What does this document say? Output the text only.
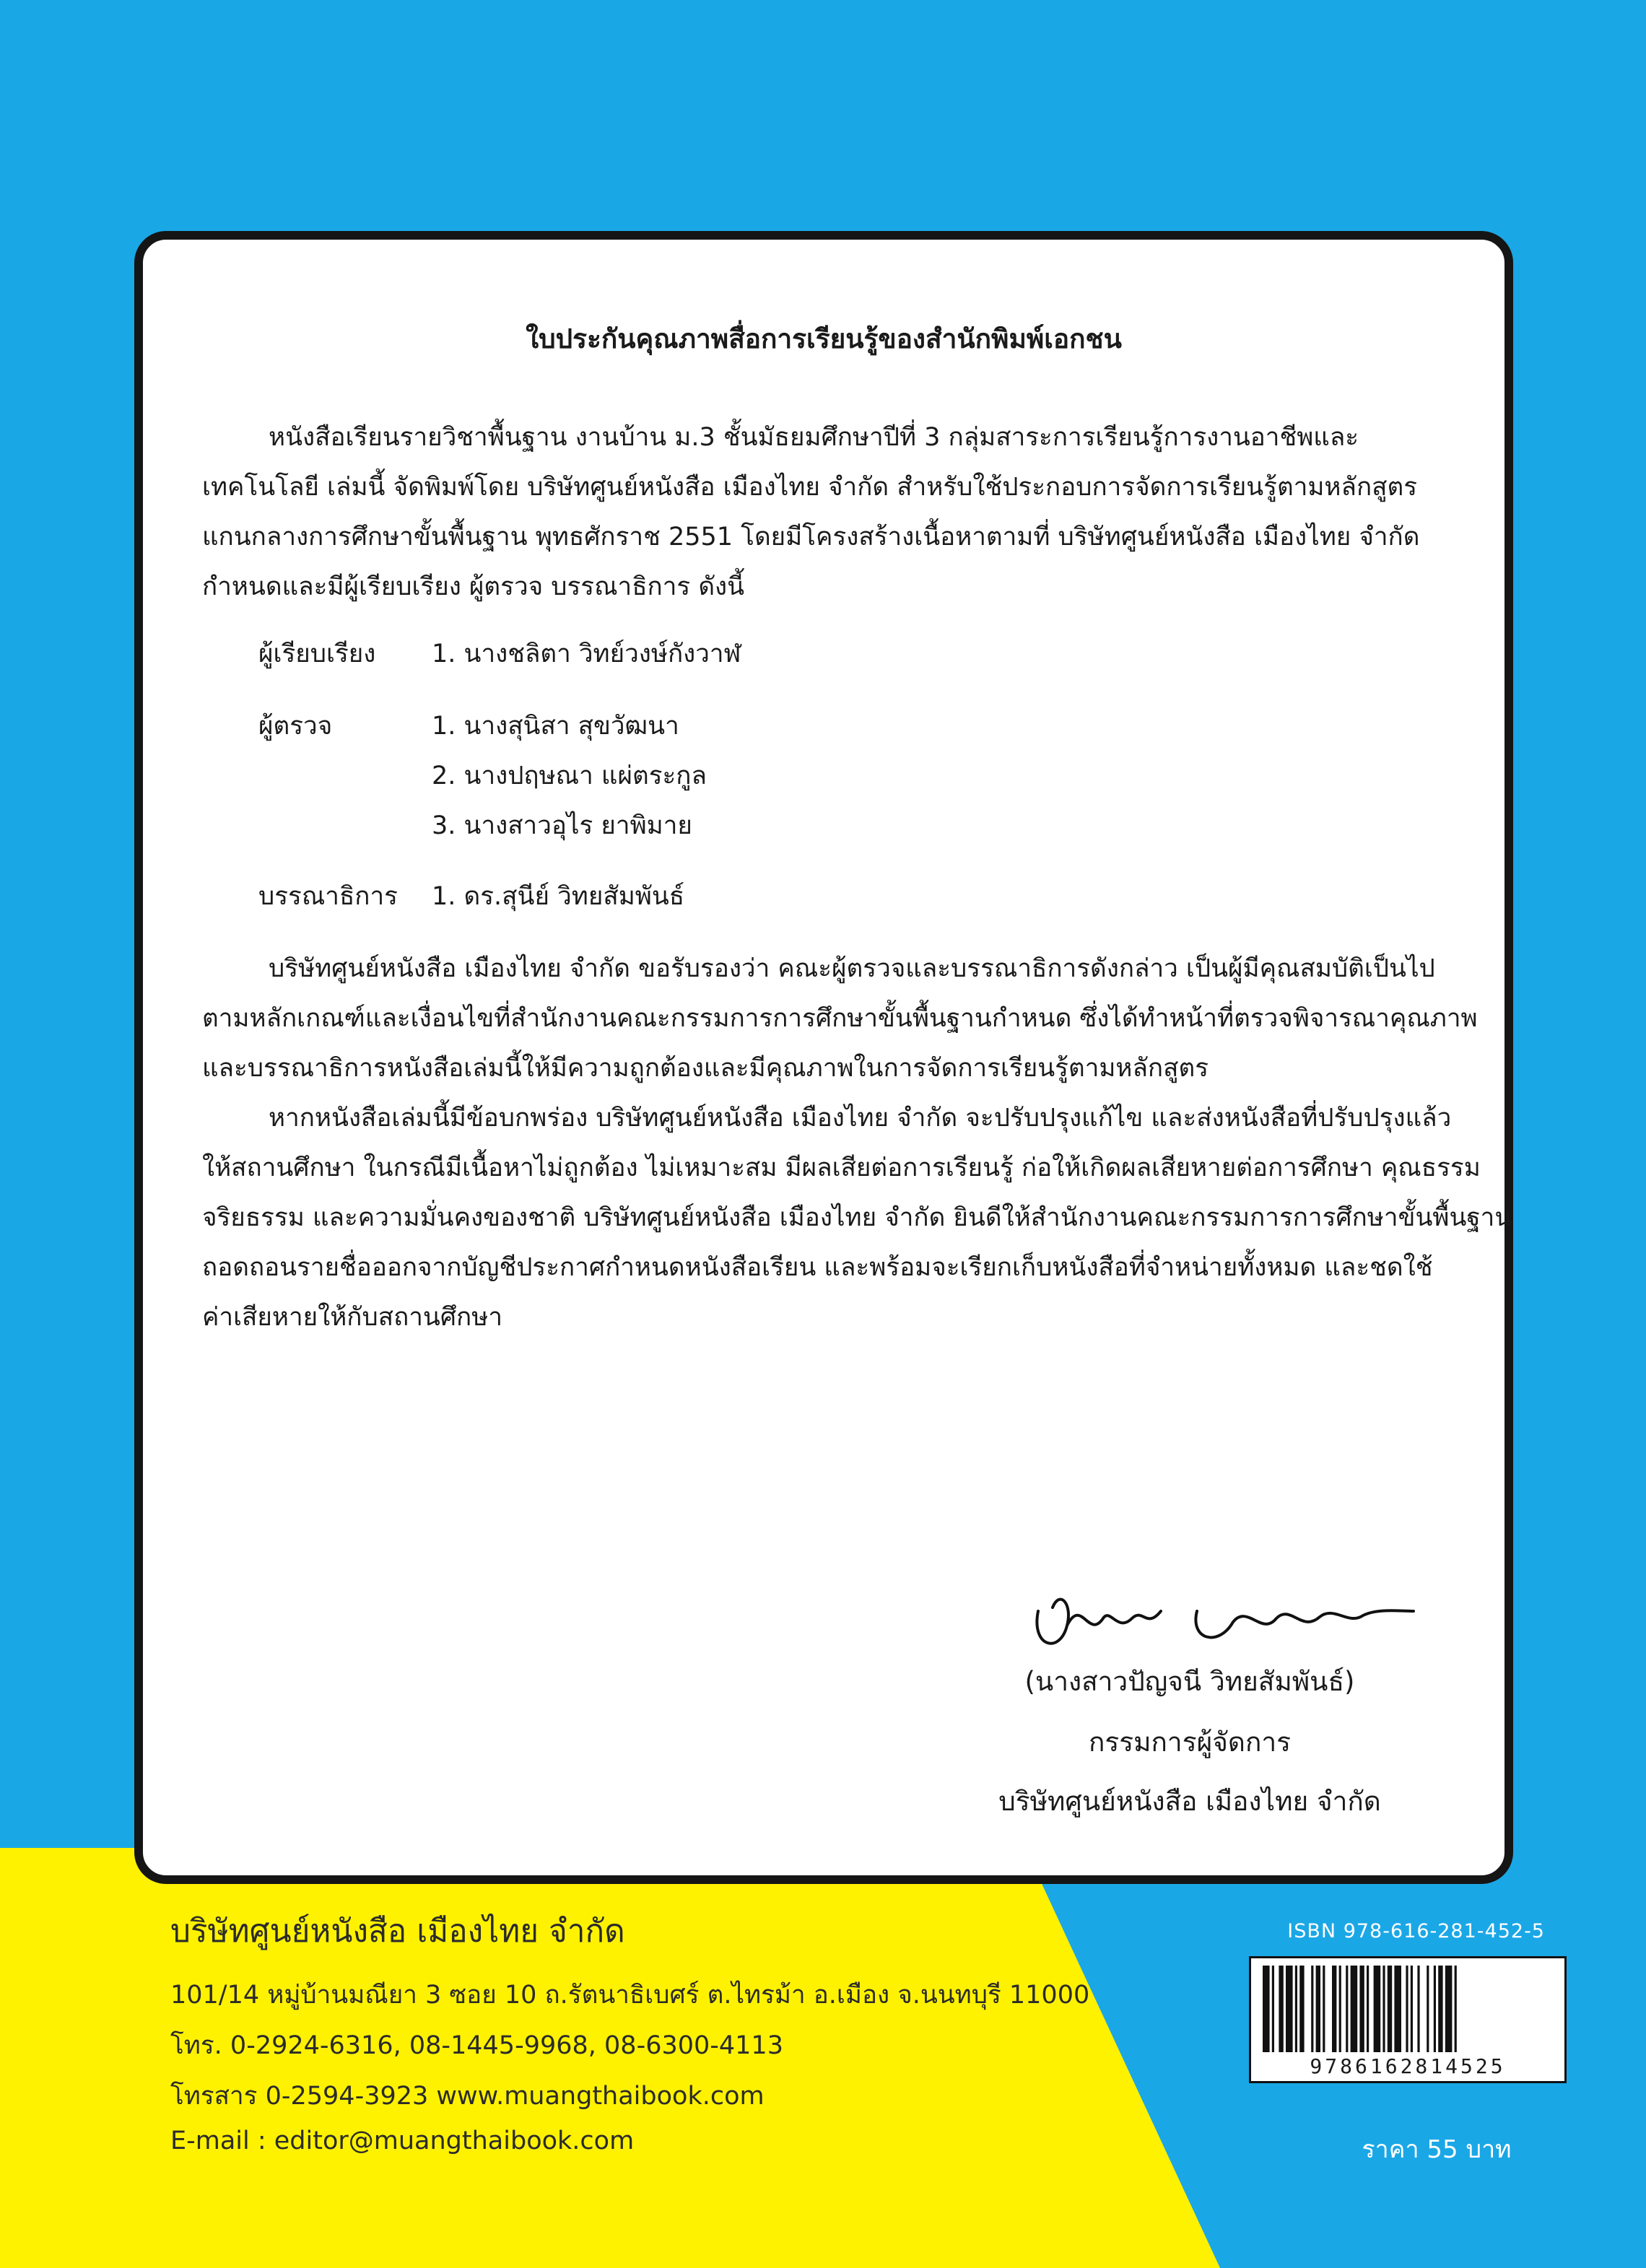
ใบประกันคุณภาพสื่อการเรียนรู้ของสำนักพิมพ์เอกชน
หนังสือเรียนรายวิชาพื้นฐาน งานบ้าน ม.3 ชั้นมัธยมศึกษาปีที่ 3 กลุ่มสาระการเรียนรู้การงานอาชีพและ
เทคโนโลยี เล่มนี้ จัดพิมพ์โดย บริษัทศูนย์หนังสือ เมืองไทย จำกัด สำหรับใช้ประกอบการจัดการเรียนรู้ตามหลักสูตร
แกนกลางการศึกษาขั้นพื้นฐาน พุทธศักราช 2551 โดยมีโครงสร้างเนื้อหาตามที่ บริษัทศูนย์หนังสือ เมืองไทย จำกัด
กำหนดและมีผู้เรียบเรียง ผู้ตรวจ บรรณาธิการ ดังนี้
ผู้เรียบเรียง	1. นางชลิตา วิทย์วงษ์กังวาฬ
ผู้ตรวจ	1. นางสุนิสา สุขวัฒนา
2. นางปฤษณา แผ่ตระกูล
3. นางสาวอุไร ยาพิมาย
บรรณาธิการ	1. ดร.สุนีย์ วิทยสัมพันธ์
บริษัทศูนย์หนังสือ เมืองไทย จำกัด ขอรับรองว่า คณะผู้ตรวจและบรรณาธิการดังกล่าว เป็นผู้มีคุณสมบัติเป็นไป
ตามหลักเกณฑ์และเงื่อนไขที่สำนักงานคณะกรรมการการศึกษาขั้นพื้นฐานกำหนด ซึ่งได้ทำหน้าที่ตรวจพิจารณาคุณภาพ
และบรรณาธิการหนังสือเล่มนี้ให้มีความถูกต้องและมีคุณภาพในการจัดการเรียนรู้ตามหลักสูตร
หากหนังสือเล่มนี้มีข้อบกพร่อง บริษัทศูนย์หนังสือ เมืองไทย จำกัด จะปรับปรุงแก้ไข และส่งหนังสือที่ปรับปรุงแล้ว
ให้สถานศึกษา ในกรณีมีเนื้อหาไม่ถูกต้อง ไม่เหมาะสม มีผลเสียต่อการเรียนรู้ ก่อให้เกิดผลเสียหายต่อการศึกษา คุณธรรม
จริยธรรม และความมั่นคงของชาติ บริษัทศูนย์หนังสือ เมืองไทย จำกัด ยินดีให้สำนักงานคณะกรรมการการศึกษาขั้นพื้นฐาน
ถอดถอนรายชื่อออกจากบัญชีประกาศกำหนดหนังสือเรียน และพร้อมจะเรียกเก็บหนังสือที่จำหน่ายทั้งหมด และชดใช้
ค่าเสียหายให้กับสถานศึกษา
(นางสาวปัญจนี วิทยสัมพันธ์)
กรรมการผู้จัดการ
บริษัทศูนย์หนังสือ เมืองไทย จำกัด
บริษัทศูนย์หนังสือ เมืองไทย จำกัด
101/14 หมู่บ้านมณียา 3 ซอย 10 ถ.รัตนาธิเบศร์ ต.ไทรม้า อ.เมือง จ.นนทบุรี 11000
โทร. 0-2924-6316, 08-1445-9968, 08-6300-4113
โทรสาร 0-2594-3923 www.muangthaibook.com
E-mail : editor@muangthaibook.com
ISBN 978-616-281-452-5
9786162814525
ราคา 55 บาท
